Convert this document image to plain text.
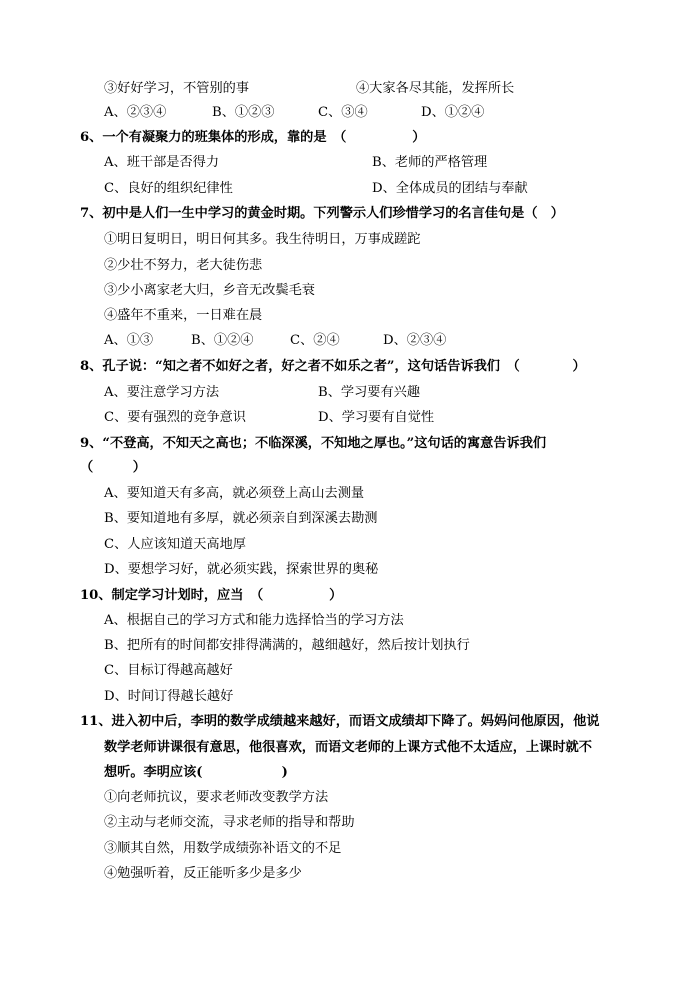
③好好学习，不管别的事	④大家各尽其能，发挥所长
A、②③④	B、①②③	C、③④	D、①②④
6、一个有凝聚力的班集体的形成，靠的是　（　　　　　）
A、班干部是否得力	B、老师的严格管理
C、良好的组织纪律性	D、全体成员的团结与奉献
7、初中是人们一生中学习的黄金时期。下列警示人们珍惜学习的名言佳句是（　）
①明日复明日，明日何其多。我生待明日，万事成蹉跎
②少壮不努力，老大徒伤悲
③少小离家老大归，乡音无改鬓毛衰
④盛年不重来，一日难在晨
A、①③	B、①②④	C、②④	D、②③④
8、孔子说：“知之者不如好之者，好之者不如乐之者”，这句话告诉我们　（　　　　）
A、要注意学习方法	B、学习要有兴趣
C、要有强烈的竞争意识	D、学习要有自觉性
9、“不登高，不知天之高也；不临深溪，不知地之厚也。”这句话的寓意告诉我们
（　　　）
A、要知道天有多高，就必须登上高山去测量
B、要知道地有多厚，就必须亲自到深溪去勘测
C、人应该知道天高地厚
D、要想学习好，就必须实践，探索世界的奥秘
10、制定学习计划时，应当　（　　　　　）
A、根据自己的学习方式和能力选择恰当的学习方法
B、把所有的时间都安排得满满的，越细越好，然后按计划执行
C、目标订得越高越好
D、时间订得越长越好
11、进入初中后，李明的数学成绩越来越好，而语文成绩却下降了。妈妈问他原因，他说
数学老师讲课很有意思，他很喜欢，而语文老师的上课方式他不太适应，上课时就不
想听。李明应该(　　　　　　)
①向老师抗议，要求老师改变教学方法
②主动与老师交流，寻求老师的指导和帮助
③顺其自然，用数学成绩弥补语文的不足
④勉强听着，反正能听多少是多少
